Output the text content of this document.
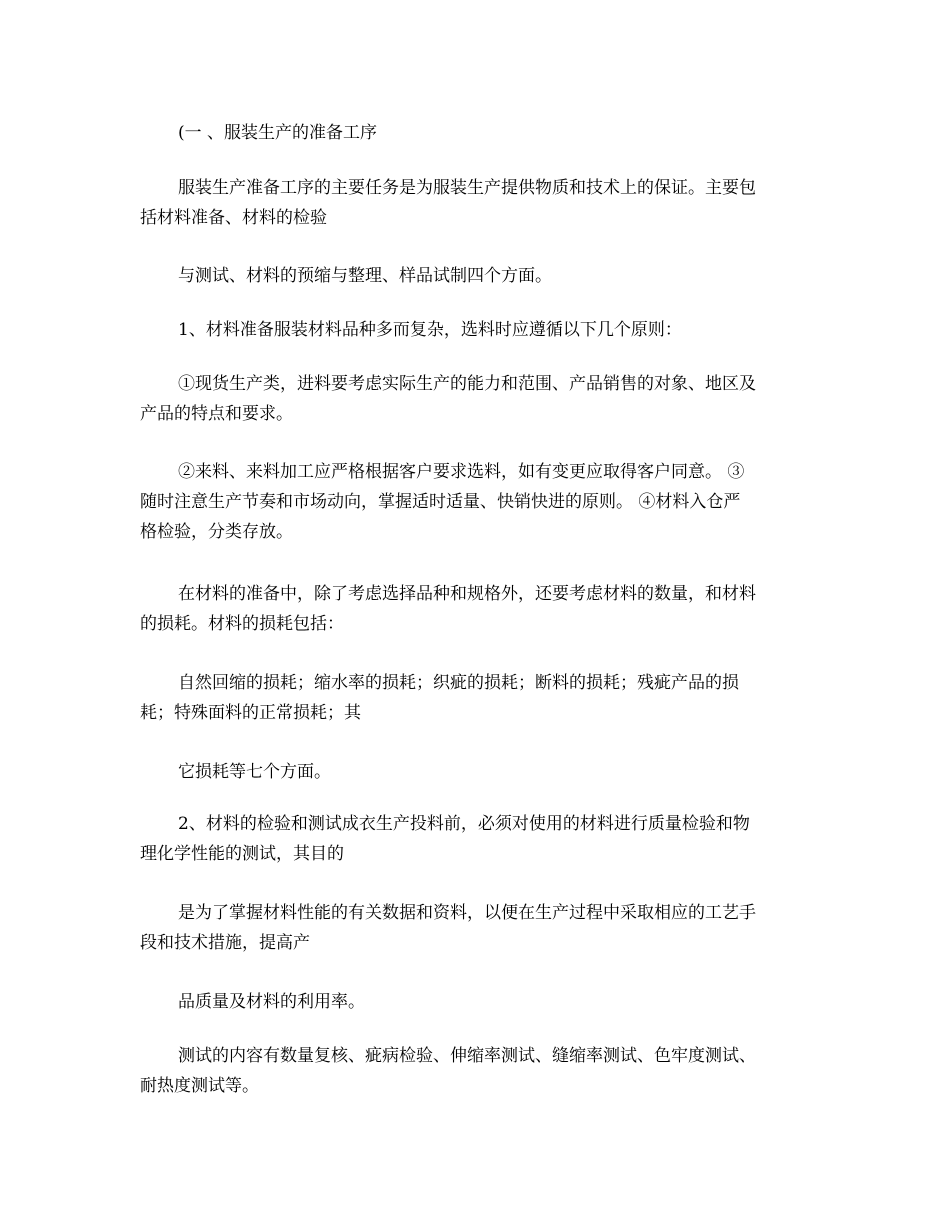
(一 、服装生产的准备工序

服装生产准备工序的主要任务是为服装生产提供物质和技术上的保证。主要包
括材料准备、材料的检验

与测试、材料的预缩与整理、样品试制四个方面。

1、材料准备服装材料品种多而复杂，选料时应遵循以下几个原则：

①现货生产类，进料要考虑实际生产的能力和范围、产品销售的对象、地区及
产品的特点和要求。

②来料、来料加工应严格根据客户要求选料，如有变更应取得客户同意。 ③
随时注意生产节奏和市场动向，掌握适时适量、快销快进的原则。 ④材料入仓严
格检验，分类存放。

在材料的准备中，除了考虑选择品种和规格外，还要考虑材料的数量，和材料
的损耗。材料的损耗包括：

自然回缩的损耗；缩水率的损耗；织疵的损耗；断料的损耗；残疵产品的损
耗；特殊面料的正常损耗；其

它损耗等七个方面。

2、材料的检验和测试成衣生产投料前，必须对使用的材料进行质量检验和物
理化学性能的测试，其目的

是为了掌握材料性能的有关数据和资料，以便在生产过程中采取相应的工艺手
段和技术措施，提高产

品质量及材料的利用率。

测试的内容有数量复核、疵病检验、伸缩率测试、缝缩率测试、色牢度测试、
耐热度测试等。
